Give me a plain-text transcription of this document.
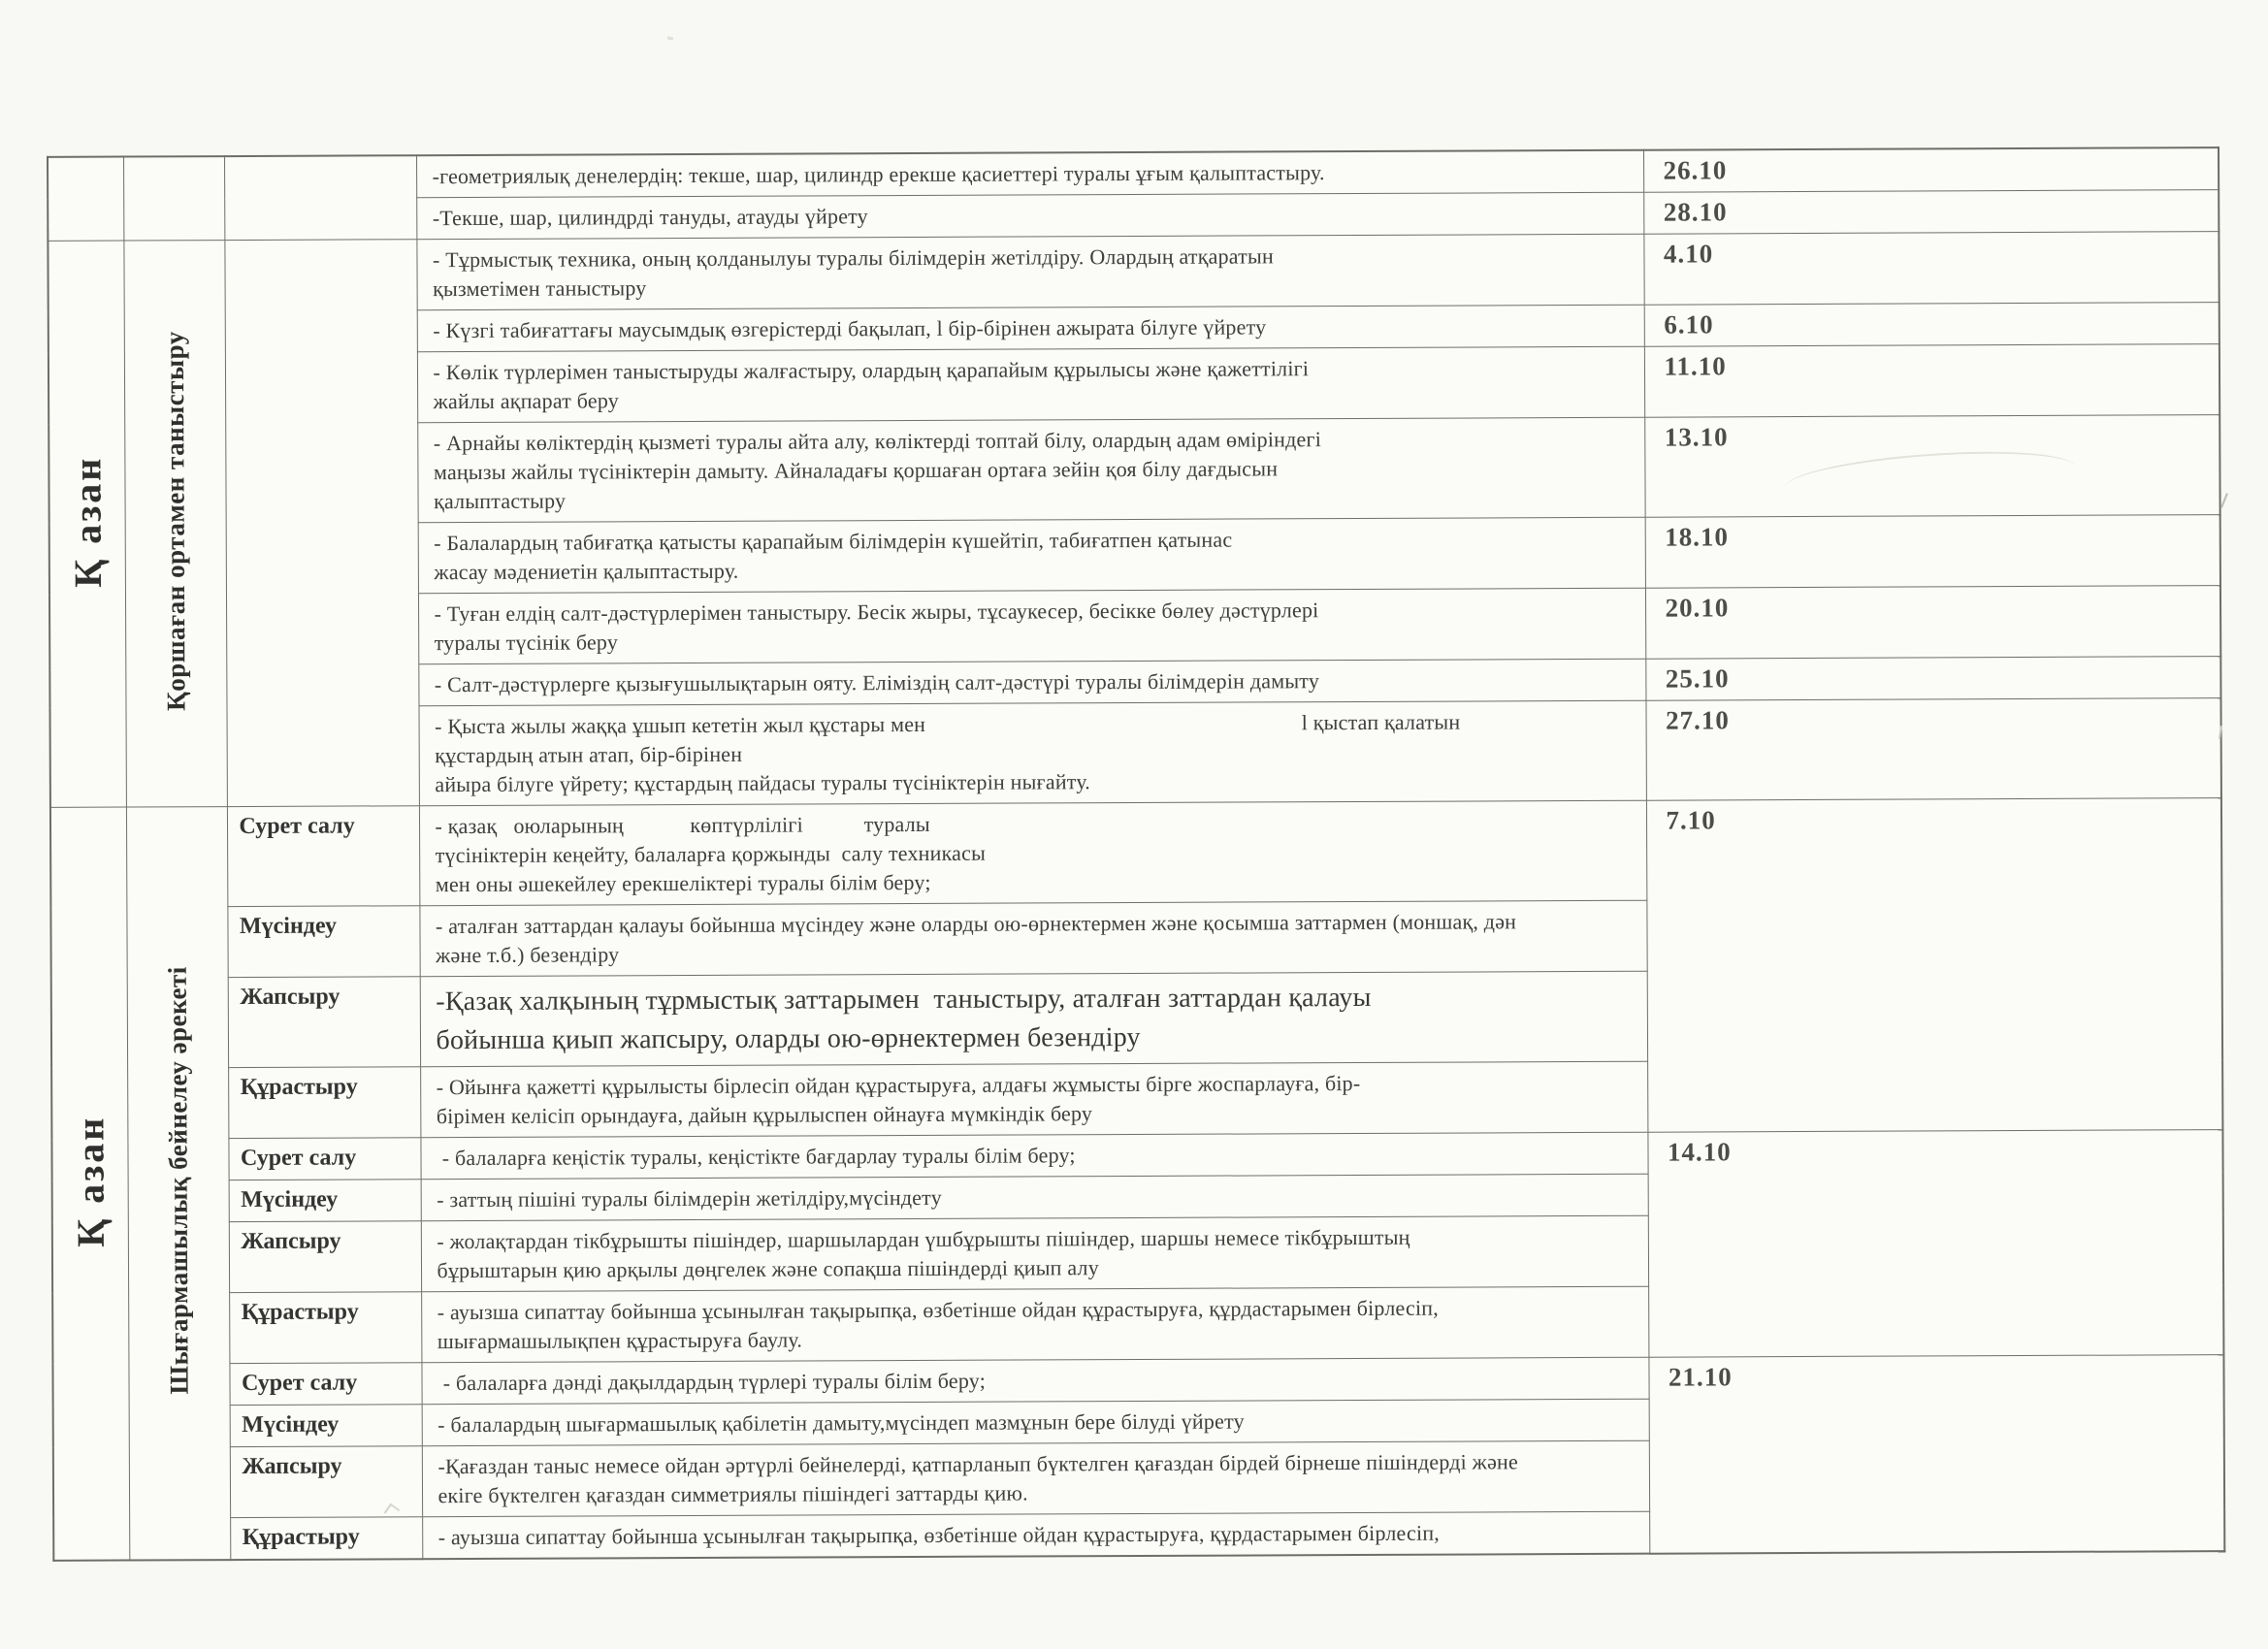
			-геометриялық денелердің: текше, шар, цилиндр ерекше қасиеттері туралы ұғым қалыптастыру.	26.10
			-Текше, шар, цилиндрді тануды, атауды үйрету	28.10
Қ азан	Қоршаған ортамен таныстыру		- Тұрмыстық техника, оның қолданылуы туралы білімдерін жетілдіру. Олардың атқаратын
қызметімен таныстыру	4.10
			- Күзгі табиғаттағы маусымдық өзгерістерді бақылап, l бір-бірінен ажырата білуге үйрету	6.10
			- Көлік түрлерімен таныстыруды жалғастыру, олардың қарапайым құрылысы және қажеттілігі
жайлы ақпарат беру	11.10
			- Арнайы көліктердің қызметі туралы айта алу, көліктерді топтай білу, олардың адам өміріндегі
маңызы жайлы түсініктерін дамыту. Айналадағы қоршаған ортаға зейін қоя білу дағдысын
қалыптастыру	13.10
			- Балалардың табиғатқа қатысты қарапайым білімдерін күшейтіп, табиғатпен қатынас
жасау мәдениетін қалыптастыру.	18.10
			- Туған елдің салт-дәстүрлерімен таныстыру. Бесік жыры, тұсаукесер, бесікке бөлеу дәстүрлері
туралы түсінік беру	20.10
			- Салт-дәстүрлерге қызығушылықтарын ояту. Еліміздің салт-дәстүрі туралы білімдерін дамыту	25.10
			- Қыста жылы жаққа ұшып кететін жыл құстары мен                                                                    l қыстап қалатын
құстардың атын атап, бір-бірінен
айыра білуге үйрету; құстардың пайдасы туралы түсініктерін нығайту.	27.10
Қ азан	Шығармашылық бейнелеу әрекеті	Сурет салу	- қазақ   оюларының            көптүрлілігі           туралы
түсініктерін кеңейту, балаларға қоржынды  салу техникасы
мен оны әшекейлеу ерекшеліктері туралы білім беру;	7.10
		Мүсіндеу	- аталған заттардан қалауы бойынша мүсіндеу және оларды ою-өрнектермен және қосымша заттармен (моншақ, дән
және т.б.) безендіру	
		Жапсыру	-Қазақ халқының тұрмыстық заттарымен  таныстыру, аталған заттардан қалауы
бойынша қиып жапсыру, оларды ою-өрнектермен безендіру	
		Құрастыру	- Ойынға қажетті құрылысты бірлесіп ойдан құрастыруға, алдағы жұмысты бірге жоспарлауға, бір-
бірімен келісіп орындауға, дайын құрылыспен ойнауға мүмкіндік беру	
		Сурет салу	- балаларға кеңістік туралы, кеңістікте бағдарлау туралы білім беру;	14.10
		Мүсіндеу	- заттың пішіні туралы білімдерін жетілдіру,мүсіндету	
		Жапсыру	- жолақтардан тікбұрышты пішіндер, шаршылардан үшбұрышты пішіндер, шаршы немесе тікбұрыштың
бұрыштарын қию арқылы дөңгелек және сопақша пішіндерді қиып алу	
		Құрастыру	- ауызша сипаттау бойынша ұсынылған тақырыпқа, өзбетінше ойдан құрастыруға, құрдастарымен бірлесіп,
шығармашылықпен құрастыруға баулу.	
		Сурет салу	- балаларға дәнді дақылдардың түрлері туралы білім беру;	21.10
		Мүсіндеу	- балалардың шығармашылық қабілетін дамыту,мүсіндеп мазмұнын бере білуді үйрету	
		Жапсыру	-Қағаздан таныс немесе ойдан әртүрлі бейнелерді, қатпарланып бүктелген қағаздан бірдей бірнеше пішіндерді және
екіге бүктелген қағаздан симметриялы пішіндегі заттарды қию.	
		Құрастыру	- ауызша сипаттау бойынша ұсынылған тақырыпқа, өзбетінше ойдан құрастыруға, құрдастарымен бірлесіп,	
